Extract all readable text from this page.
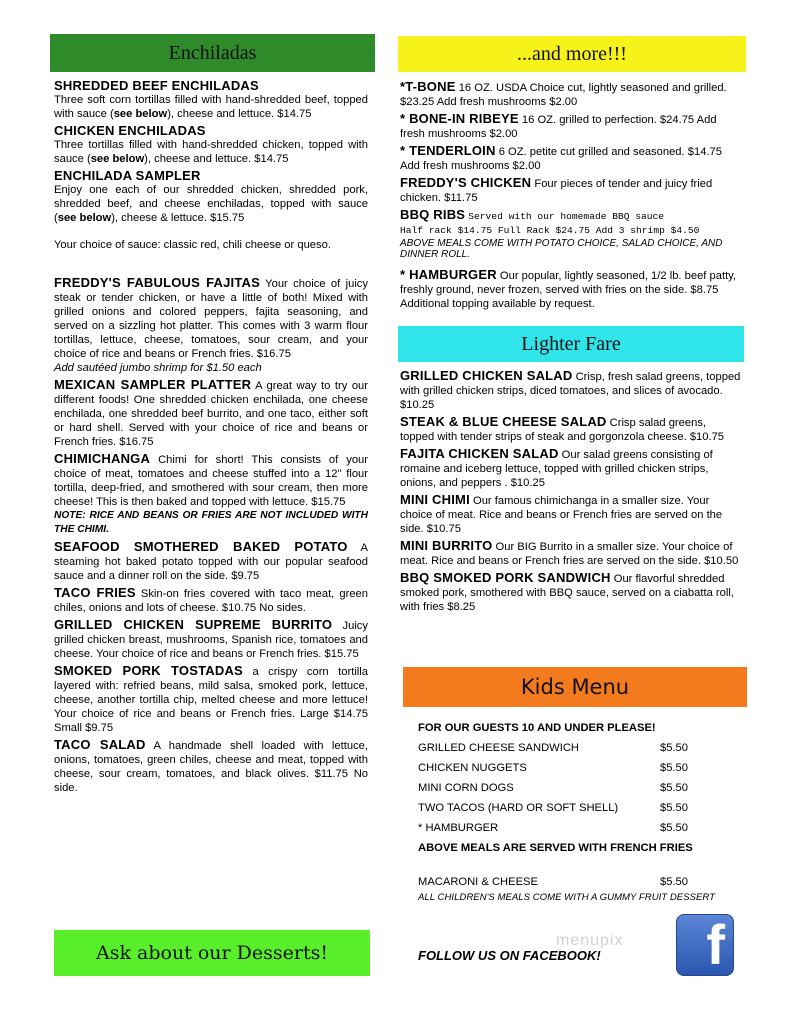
Enchiladas	...and more!!!
Lighter Fare
Kids Menu
Ask about our Desserts!
SHREDDED BEEF ENCHILADAS
Three soft corn tortillas filled with hand-shredded beef, topped with sauce (see below), cheese and lettuce. $14.75
CHICKEN ENCHILADAS
Three tortillas filled with hand-shredded chicken, topped with sauce (see below), cheese and lettuce. $14.75
ENCHILADA SAMPLER
Enjoy one each of our shredded chicken, shredded pork, shredded beef, and cheese enchiladas, topped with sauce (see below), cheese & lettuce. $15.75
Your choice of sauce: classic red, chili cheese or queso.
FREDDY'S FABULOUS FAJITAS Your choice of juicy steak or tender chicken, or have a little of both! Mixed with grilled onions and colored peppers, fajita seasoning, and served on a sizzling hot platter. This comes with 3 warm flour tortillas, lettuce, cheese, tomatoes, sour cream, and your choice of rice and beans or French fries. $16.75
Add sautéed jumbo shrimp for $1.50 each
MEXICAN SAMPLER PLATTER A great way to try our different foods! One shredded chicken enchilada, one cheese enchilada, one shredded beef burrito, and one taco, either soft or hard shell. Served with your choice of rice and beans or French fries. $16.75
CHIMICHANGA Chimi for short! This consists of your choice of meat, tomatoes and cheese stuffed into a 12" flour tortilla, deep-fried, and smothered with sour cream, then more cheese! This is then baked and topped with lettuce. $15.75
NOTE: RICE AND BEANS OR FRIES ARE NOT INCLUDED WITH THE CHIMI.
SEAFOOD SMOTHERED BAKED POTATO A steaming hot baked potato topped with our popular seafood sauce and a dinner roll on the side. $9.75
TACO FRIES Skin-on fries covered with taco meat, green chiles, onions and lots of cheese. $10.75 No sides.
GRILLED CHICKEN SUPREME BURRITO Juicy grilled chicken breast, mushrooms, Spanish rice, tomatoes and cheese. Your choice of rice and beans or French fries. $15.75
SMOKED PORK TOSTADAS a crispy corn tortilla layered with: refried beans, mild salsa, smoked pork, lettuce, cheese, another tortilla chip, melted cheese and more lettuce! Your choice of rice and beans or French fries. Large $14.75 Small $9.75
TACO SALAD A handmade shell loaded with lettuce, onions, tomatoes, green chiles, cheese and meat, topped with cheese, sour cream, tomatoes, and black olives. $11.75 No side.
*T-BONE 16 OZ. USDA Choice cut, lightly seasoned and grilled. $23.25 Add fresh mushrooms $2.00
* BONE-IN RIBEYE 16 OZ. grilled to perfection. $24.75 Add fresh mushrooms $2.00
* TENDERLOIN 6 OZ. petite cut grilled and seasoned. $14.75 Add fresh mushrooms $2.00
FREDDY'S CHICKEN Four pieces of tender and juicy fried chicken. $11.75
BBQ RIBS Served with our homemade BBQ sauce
Half rack $14.75 Full Rack $24.75 Add 3 shrimp $4.50
ABOVE MEALS COME WITH POTATO CHOICE, SALAD CHOICE, AND DINNER ROLL.
* HAMBURGER Our popular, lightly seasoned, 1/2 lb. beef patty, freshly ground, never frozen, served with fries on the side. $8.75 Additional topping available by request.
GRILLED CHICKEN SALAD Crisp, fresh salad greens, topped with grilled chicken strips, diced tomatoes, and slices of avocado. $10.25
STEAK & BLUE CHEESE SALAD Crisp salad greens, topped with tender strips of steak and gorgonzola cheese. $10.75
FAJITA CHICKEN SALAD Our salad greens consisting of romaine and iceberg lettuce, topped with grilled chicken strips, onions, and peppers . $10.25
MINI CHIMI Our famous chimichanga in a smaller size. Your choice of meat. Rice and beans or French fries are served on the side. $10.75
MINI BURRITO Our BIG Burrito in a smaller size. Your choice of meat. Rice and beans or French fries are served on the side. $10.50
BBQ SMOKED PORK SANDWICH Our flavorful shredded smoked pork, smothered with BBQ sauce, served on a ciabatta roll, with fries $8.25
FOR OUR GUESTS 10 AND UNDER PLEASE!
GRILLED CHEESE SANDWICH	$5.50
CHICKEN NUGGETS	$5.50
MINI CORN DOGS	$5.50
TWO TACOS (HARD OR SOFT SHELL)	$5.50
* HAMBURGER	$5.50
ABOVE MEALS ARE SERVED WITH FRENCH FRIES
MACARONI & CHEESE	$5.50
ALL CHILDREN'S MEALS COME WITH A GUMMY FRUIT DESSERT
menupix
FOLLOW US ON FACEBOOK! f
